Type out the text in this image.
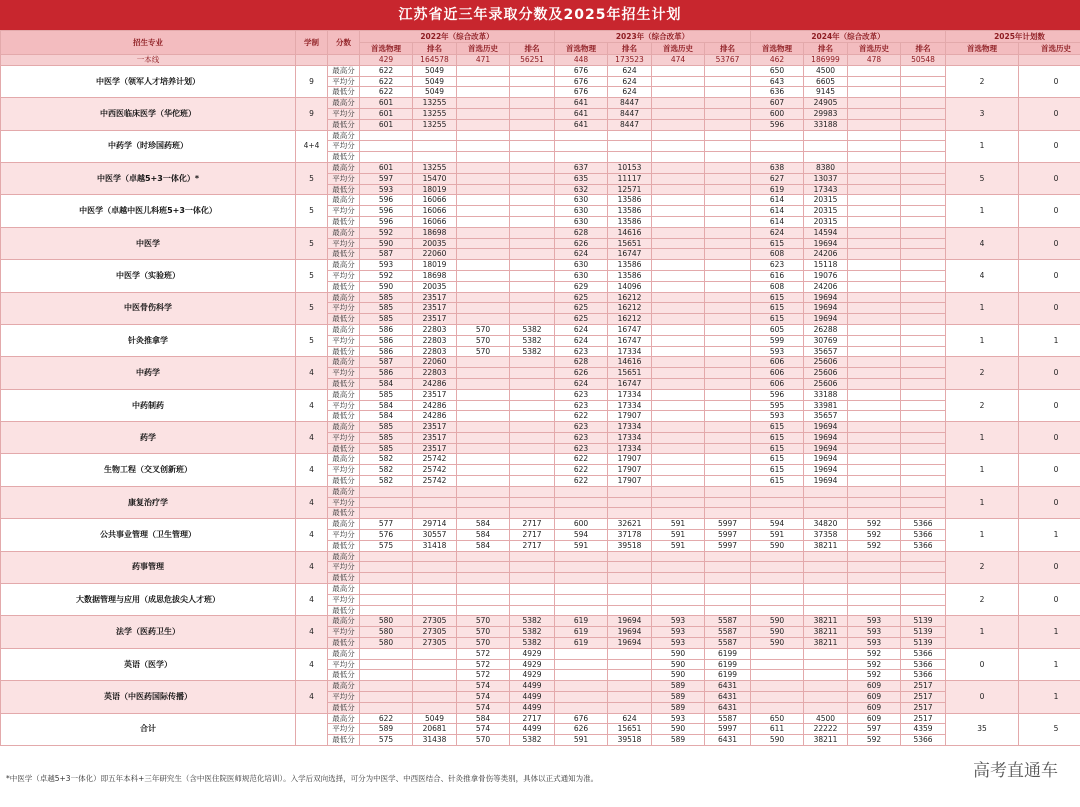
江苏省近三年录取分数及2025年招生计划
招生专业	学制	分数	2022年（综合改革）				2023年（综合改革）				2024年（综合改革）				2025年计划数	
			首选物理	排名	首选历史	排名	首选物理	排名	首选历史	排名	首选物理	排名	首选历史	排名	首选物理	首选历史
一本线			429	164578	471	56251	448	173523	474	53767	462	186999	478	50548		
中医学（领军人才培养计划）	9	最高分	622	5049			676	624			650	4500			2	0
		平均分	622	5049			676	624			643	6605				
		最低分	622	5049			676	624			636	9145				
中西医临床医学（华佗班）	9	最高分	601	13255			641	8447			607	24905			3	0
		平均分	601	13255			641	8447			600	29983				
		最低分	601	13255			641	8447			596	33188				
中药学（时珍国药班）	4+4	最高分													1	0
		平均分														
		最低分														
中医学（卓越5+3一体化）*	5	最高分	601	13255			637	10153			638	8380			5	0
		平均分	597	15470			635	11117			627	13037				
		最低分	593	18019			632	12571			619	17343				
中医学（卓越中医儿科班5+3一体化）	5	最高分	596	16066			630	13586			614	20315			1	0
		平均分	596	16066			630	13586			614	20315				
		最低分	596	16066			630	13586			614	20315				
中医学	5	最高分	592	18698			628	14616			624	14594			4	0
		平均分	590	20035			626	15651			615	19694				
		最低分	587	22060			624	16747			608	24206				
中医学（实验班）	5	最高分	593	18019			630	13586			623	15118			4	0
		平均分	592	18698			630	13586			616	19076				
		最低分	590	20035			629	14096			608	24206				
中医骨伤科学	5	最高分	585	23517			625	16212			615	19694			1	0
		平均分	585	23517			625	16212			615	19694				
		最低分	585	23517			625	16212			615	19694				
针灸推拿学	5	最高分	586	22803	570	5382	624	16747			605	26288			1	1
		平均分	586	22803	570	5382	624	16747			599	30769				
		最低分	586	22803	570	5382	623	17334			593	35657				
中药学	4	最高分	587	22060			628	14616			606	25606			2	0
		平均分	586	22803			626	15651			606	25606				
		最低分	584	24286			624	16747			606	25606				
中药制药	4	最高分	585	23517			623	17334			596	33188			2	0
		平均分	584	24286			623	17334			595	33981				
		最低分	584	24286			622	17907			593	35657				
药学	4	最高分	585	23517			623	17334			615	19694			1	0
		平均分	585	23517			623	17334			615	19694				
		最低分	585	23517			623	17334			615	19694				
生物工程（交叉创新班）	4	最高分	582	25742			622	17907			615	19694			1	0
		平均分	582	25742			622	17907			615	19694				
		最低分	582	25742			622	17907			615	19694				
康复治疗学	4	最高分													1	0
		平均分														
		最低分														
公共事业管理（卫生管理）	4	最高分	577	29714	584	2717	600	32621	591	5997	594	34820	592	5366	1	1
		平均分	576	30557	584	2717	594	37178	591	5997	591	37358	592	5366		
		最低分	575	31418	584	2717	591	39518	591	5997	590	38211	592	5366		
药事管理	4	最高分													2	0
		平均分														
		最低分														
大数据管理与应用（成思危拔尖人才班）	4	最高分													2	0
		平均分														
		最低分														
法学（医药卫生）	4	最高分	580	27305	570	5382	619	19694	593	5587	590	38211	593	5139	1	1
		平均分	580	27305	570	5382	619	19694	593	5587	590	38211	593	5139		
		最低分	580	27305	570	5382	619	19694	593	5587	590	38211	593	5139		
英语（医学）	4	最高分			572	4929			590	6199			592	5366	0	1
		平均分			572	4929			590	6199			592	5366		
		最低分			572	4929			590	6199			592	5366		
英语（中医药国际传播）	4	最高分			574	4499			589	6431			609	2517	0	1
		平均分			574	4499			589	6431			609	2517		
		最低分			574	4499			589	6431			609	2517		
合计		最高分	622	5049	584	2717	676	624	593	5587	650	4500	609	2517	35	5
		平均分	589	20681	574	4499	626	15651	590	5997	611	22222	597	4359		
		最低分	575	31438	570	5382	591	39518	589	6431	590	38211	592	5366		
*中医学（卓越5+3一体化）即五年本科+三年研究生（含中医住院医师规范化培训）。入学后双向选择，可分为中医学、中西医结合、针灸推拿骨伤等类别，具体以正式通知为准。	高考直通车
